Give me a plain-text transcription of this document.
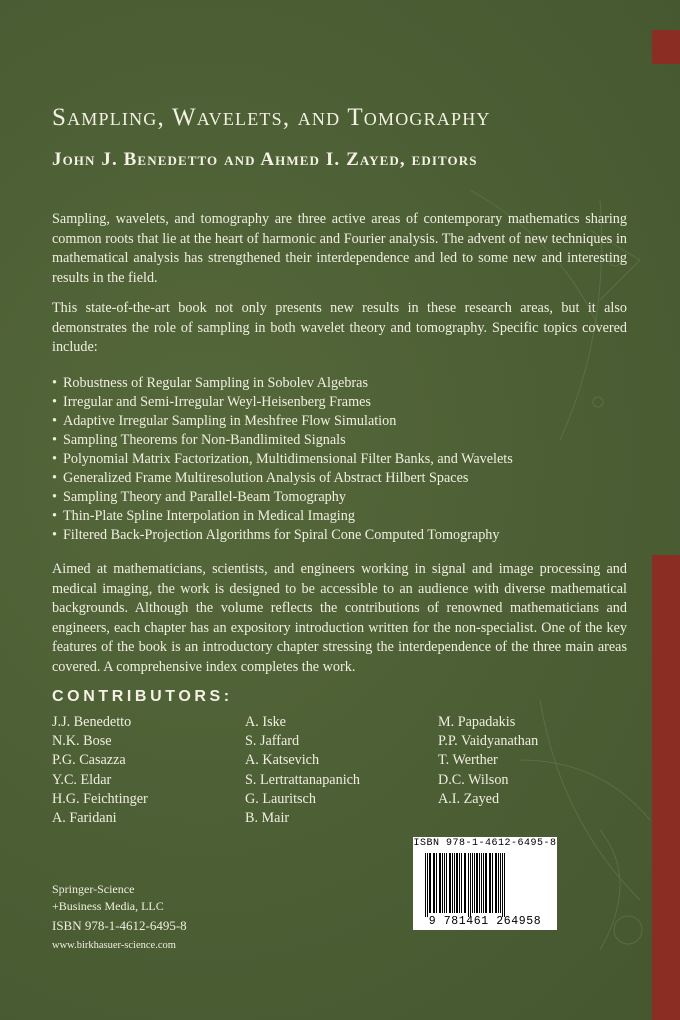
Sampling, Wavelets, and Tomography
John J. Benedetto and Ahmed I. Zayed, editors

Sampling, wavelets, and tomography are three active areas of contemporary mathematics sharing common roots that lie at the heart of harmonic and Fourier analysis. The advent of new techniques in mathematical analysis has strengthened their interdependence and led to some new and interesting results in the field.

This state-of-the-art book not only presents new results in these research areas, but it also demonstrates the role of sampling in both wavelet theory and tomography. Specific topics covered include:

• Robustness of Regular Sampling in Sobolev Algebras
• Irregular and Semi-Irregular Weyl-Heisenberg Frames
• Adaptive Irregular Sampling in Meshfree Flow Simulation
• Sampling Theorems for Non-Bandlimited Signals
• Polynomial Matrix Factorization, Multidimensional Filter Banks, and Wavelets
• Generalized Frame Multiresolution Analysis of Abstract Hilbert Spaces
• Sampling Theory and Parallel-Beam Tomography
• Thin-Plate Spline Interpolation in Medical Imaging
• Filtered Back-Projection Algorithms for Spiral Cone Computed Tomography

Aimed at mathematicians, scientists, and engineers working in signal and image processing and medical imaging, the work is designed to be accessible to an audience with diverse mathematical backgrounds. Although the volume reflects the contributions of renowned mathematicians and engineers, each chapter has an expository introduction written for the non-specialist. One of the key features of the book is an introductory chapter stressing the interdependence of the three main areas covered. A comprehensive index completes the work.

CONTRIBUTORS:
J.J. Benedetto
N.K. Bose
P.G. Casazza
Y.C. Eldar
H.G. Feichtinger
A. Faridani
A. Iske
S. Jaffard
A. Katsevich
S. Lertrattanapanich
G. Lauritsch
B. Mair
M. Papadakis
P.P. Vaidyanathan
T. Werther
D.C. Wilson
A.I. Zayed
Springer-Science
+Business Media, LLC
ISBN 978-1-4612-6495-8
www.birkhasuer-science.com
ISBN 978-1-4612-6495-8
9 781461 264958
